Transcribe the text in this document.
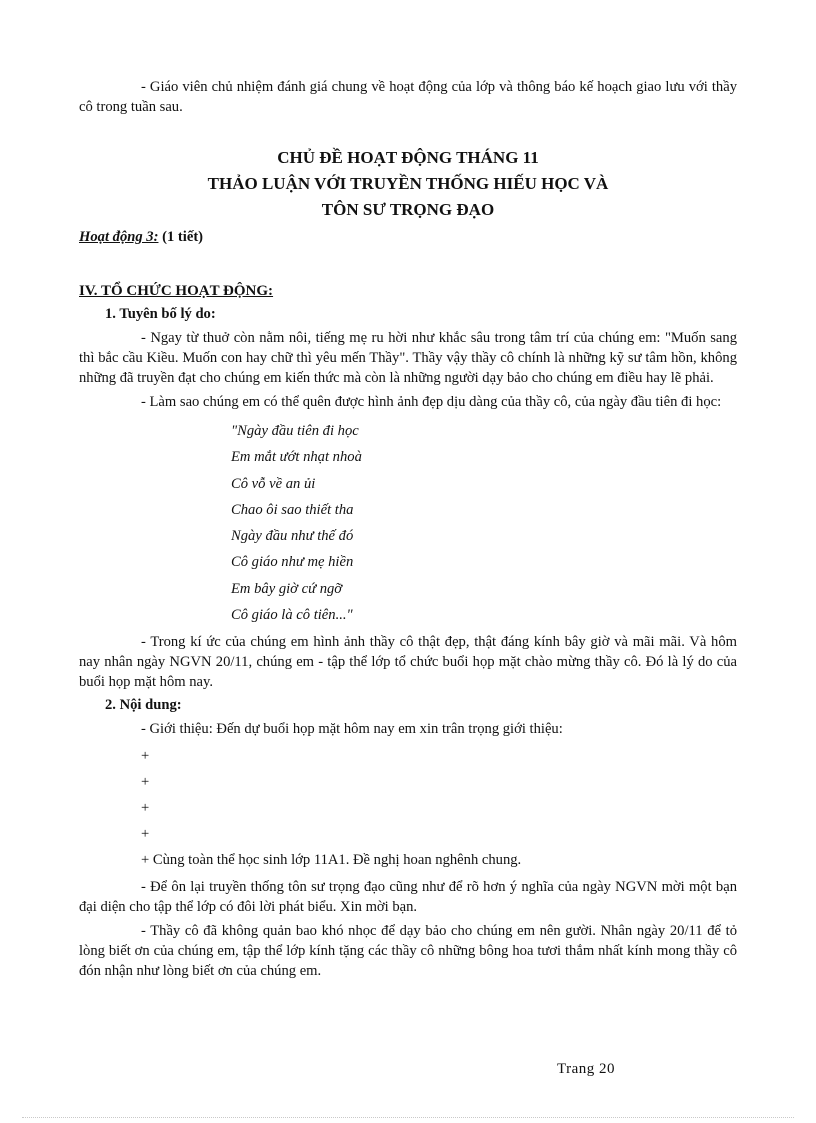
- Giáo viên chủ nhiệm đánh giá chung về hoạt động của lớp và thông báo kế hoạch giao lưu với thầy cô trong tuần sau.

CHỦ ĐỀ HOẠT ĐỘNG THÁNG 11

THẢO LUẬN VỚI TRUYỀN THỐNG HIẾU HỌC VÀ

TÔN SƯ TRỌNG ĐẠO

Hoạt động 3: (1 tiết)

IV. TỔ CHỨC HOẠT ĐỘNG:

1. Tuyên bố lý do:

- Ngay từ thuở còn nằm nôi, tiếng mẹ ru hời như khắc sâu trong tâm trí của chúng em: "Muốn sang thì bắc cầu Kiều. Muốn con hay chữ thì yêu mến Thầy". Thầy vậy thầy cô chính là những kỹ sư tâm hồn, không những đã truyền đạt cho chúng em kiến thức mà còn là những người dạy bảo cho chúng em điều hay lẽ phải.

- Làm sao chúng em có thể quên được hình ảnh đẹp dịu dàng của thầy cô, của ngày đầu tiên đi học:

"Ngày đầu tiên đi học

Em mắt ướt nhạt nhoà

Cô vỗ về an ủi

Chao ôi sao thiết tha

Ngày đầu như thế đó

Cô giáo như mẹ hiền

Em bây giờ cứ ngỡ

Cô giáo là cô tiên..."

- Trong kí ức của chúng em hình ảnh thầy cô thật đẹp, thật đáng kính bây giờ và mãi mãi. Và hôm nay nhân ngày NGVN 20/11, chúng em - tập thể lớp tổ chức buổi họp mặt chào mừng thầy cô. Đó là lý do của buổi họp mặt hôm nay.

2. Nội dung:

- Giới thiệu: Đến dự buổi họp mặt hôm nay em xin trân trọng giới thiệu:

+

+

+

+

+ Cùng toàn thể học sinh lớp 11A1. Đề nghị hoan nghênh chung.

- Để ôn lại truyền thống tôn sư trọng đạo cũng như để rõ hơn ý nghĩa của ngày NGVN mời một bạn đại diện cho tập thể lớp có đôi lời phát biểu. Xin mời bạn.

- Thầy cô đã không quản bao khó nhọc để dạy bảo cho chúng em nên gười. Nhân ngày 20/11 để tỏ lòng biết ơn của chúng em, tập thể lớp kính tặng các thầy cô những bông hoa tươi thắm nhất kính mong thầy cô đón nhận như lòng biết ơn của chúng em.

Trang 20
